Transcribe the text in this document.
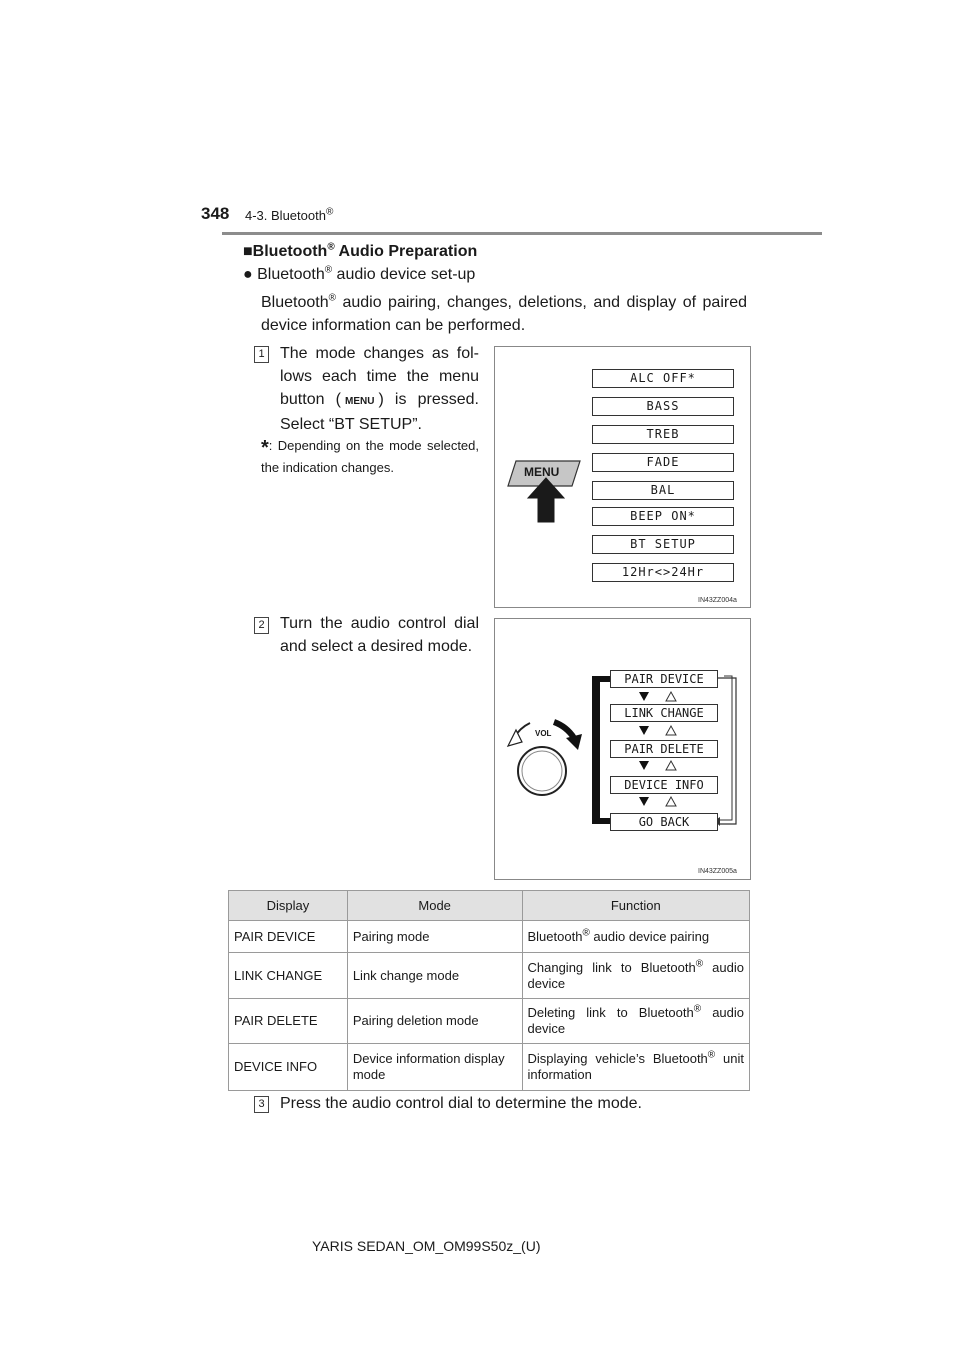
348 4-3. Bluetooth®
■Bluetooth® Audio Preparation
● Bluetooth® audio device set-up
Bluetooth® audio pairing, changes, deletions, and display of paired device information can be performed.
1 The mode changes as follows each time the menu button ( MENU ) is pressed. Select “BT SETUP”.
*: Depending on the mode selected, the indication changes.	MENU
ALC OFF*
BASS
TREB
FADE
BAL
BEEP ON*
BT SETUP
12Hr<>24Hr
IN43ZZ004a
2 Turn the audio control dial and select a desired mode.
VOL
PAIR DEVICE
LINK CHANGE
PAIR DELETE
DEVICE INFO
GO BACK
IN43ZZ005a
Display	Mode	Function
PAIR DEVICE	Pairing mode	Bluetooth® audio device pairing
LINK CHANGE	Link change mode	Changing link to Bluetooth® audio device
PAIR DELETE	Pairing deletion mode	Deleting link to Bluetooth® audio device
DEVICE INFO	Device information display mode	Displaying vehicle’s Bluetooth® unit information
3 Press the audio control dial to determine the mode.
YARIS SEDAN_OM_OM99S50z_(U)
